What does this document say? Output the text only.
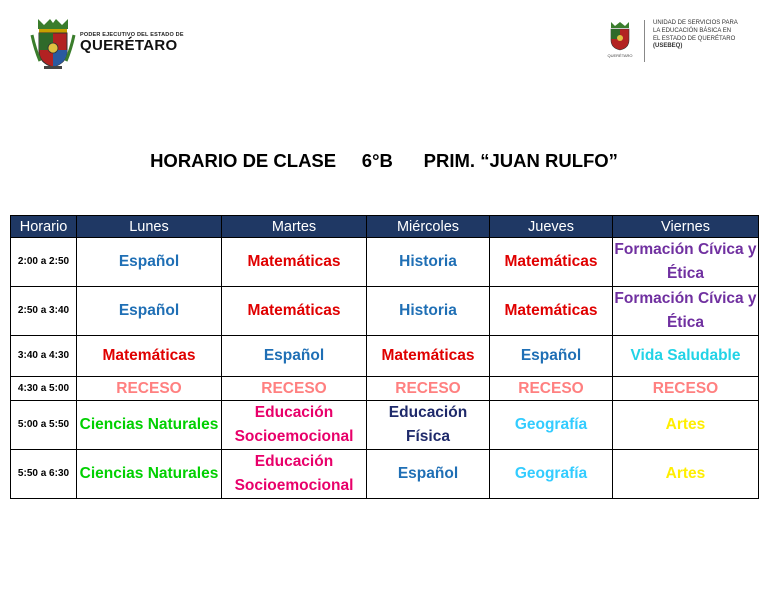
PODER EJECUTIVO DEL ESTADO DE
QUERÉTARO
QUERÉTARO
UNIDAD DE SERVICIOS PARA
LA EDUCACIÓN BÁSICA EN
EL ESTADO DE QUERÉTARO
(USEBEQ)
HORARIO DE CLASE     6°B      PRIM. “JUAN RULFO”
Horario	Lunes	Martes	Miércoles	Jueves	Viernes
2:00 a 2:50	Español	Matemáticas	Historia	Matemáticas	Formación Cívica y Ética
2:50 a 3:40	Español	Matemáticas	Historia	Matemáticas	Formación Cívica y Ética
3:40 a 4:30	Matemáticas	Español	Matemáticas	Español	Vida Saludable
4:30 a 5:00	RECESO	RECESO	RECESO	RECESO	RECESO
5:00 a 5:50	Ciencias Naturales	Educación Socioemocional	Educación Física	Geografía	Artes
5:50 a 6:30	Ciencias Naturales	Educación Socioemocional	Español	Geografía	Artes
